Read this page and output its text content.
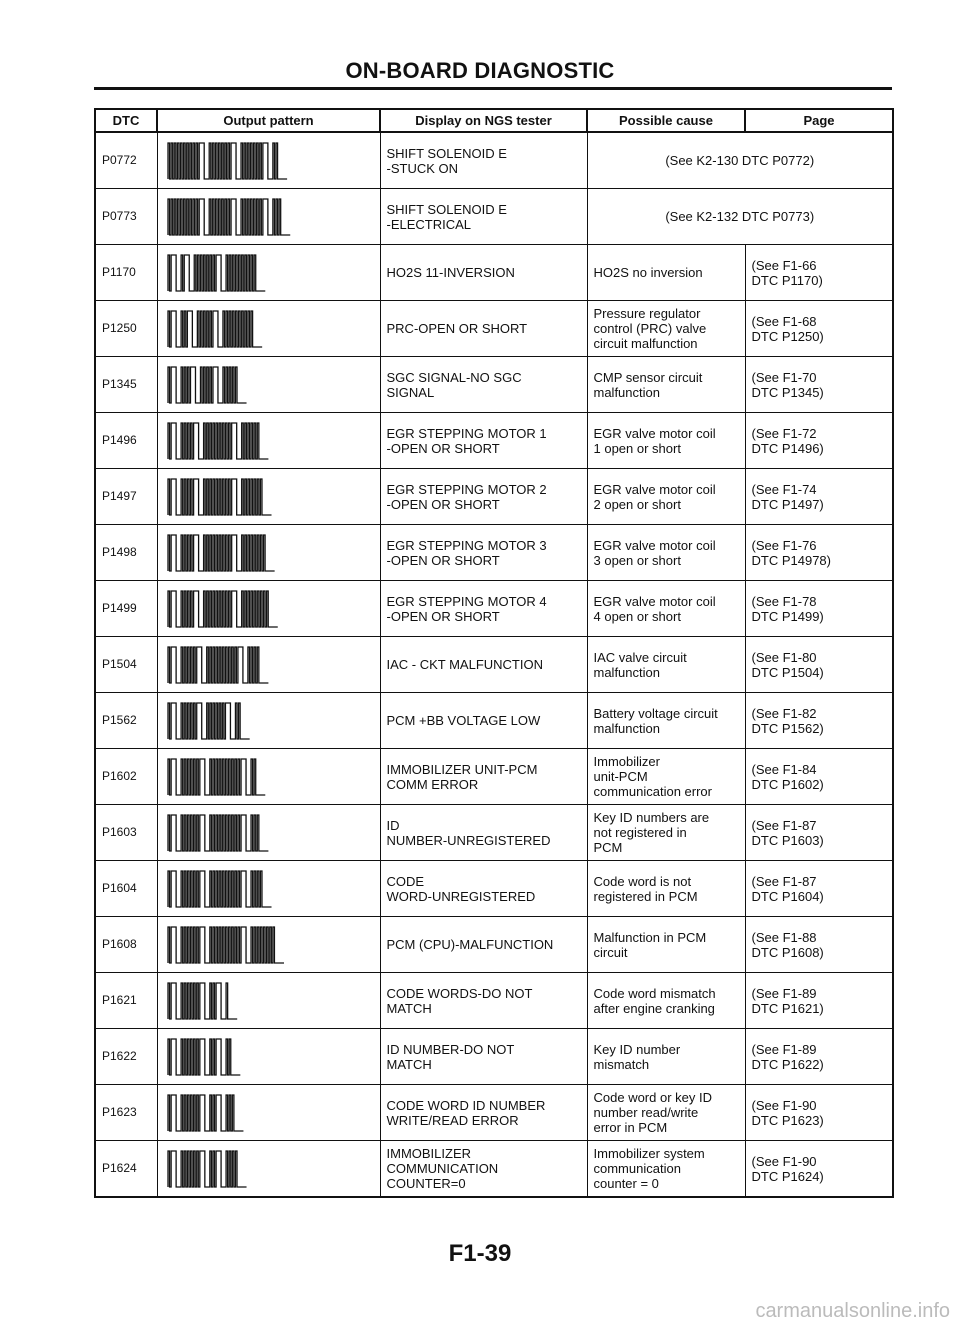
ON-BOARD DIAGNOSTIC
DTC	Output pattern	Display on NGS tester	Possible cause	Page
P0772		SHIFT SOLENOID E
-STUCK ON	(See K2-130 DTC P0772)	
P0773		SHIFT SOLENOID E
-ELECTRICAL	(See K2-132 DTC P0773)	
P1170		HO2S 11-INVERSION	HO2S no inversion	(See F1-66
DTC P1170)
P1250		PRC-OPEN OR SHORT	Pressure regulator
control (PRC) valve
circuit malfunction	(See F1-68
DTC P1250)
P1345		SGC SIGNAL-NO SGC
SIGNAL	CMP sensor circuit
malfunction	(See F1-70
DTC P1345)
P1496		EGR STEPPING MOTOR 1
-OPEN OR SHORT	EGR valve motor coil
1 open or short	(See F1-72
DTC P1496)
P1497		EGR STEPPING MOTOR 2
-OPEN OR SHORT	EGR valve motor coil
2 open or short	(See F1-74
DTC P1497)
P1498		EGR STEPPING MOTOR 3
-OPEN OR SHORT	EGR valve motor coil
3 open or short	(See F1-76
DTC P14978)
P1499		EGR STEPPING MOTOR 4
-OPEN OR SHORT	EGR valve motor coil
4 open or short	(See F1-78
DTC P1499)
P1504		IAC - CKT MALFUNCTION	IAC valve circuit
malfunction	(See F1-80
DTC P1504)
P1562		PCM +BB VOLTAGE LOW	Battery voltage circuit
malfunction	(See F1-82
DTC P1562)
P1602		IMMOBILIZER UNIT-PCM
COMM ERROR	Immobilizer
unit-PCM
communication error	(See F1-84
DTC P1602)
P1603		ID
NUMBER-UNREGISTERED	Key ID numbers are
not registered in
PCM	(See F1-87
DTC P1603)
P1604		CODE
WORD-UNREGISTERED	Code word is not
registered in PCM	(See F1-87
DTC P1604)
P1608		PCM (CPU)-MALFUNCTION	Malfunction in PCM
circuit	(See F1-88
DTC P1608)
P1621		CODE WORDS-DO NOT
MATCH	Code word mismatch
after engine cranking	(See F1-89
DTC P1621)
P1622		ID NUMBER-DO NOT
MATCH	Key ID number
mismatch	(See F1-89
DTC P1622)
P1623		CODE WORD ID NUMBER
WRITE/READ ERROR	Code word or key ID
number read/write
error in PCM	(See F1-90
DTC P1623)
P1624		IMMOBILIZER
COMMUNICATION
COUNTER=0	Immobilizer system
communication
counter = 0	(See F1-90
DTC P1624)
F1-39
carmanualsonline.info
